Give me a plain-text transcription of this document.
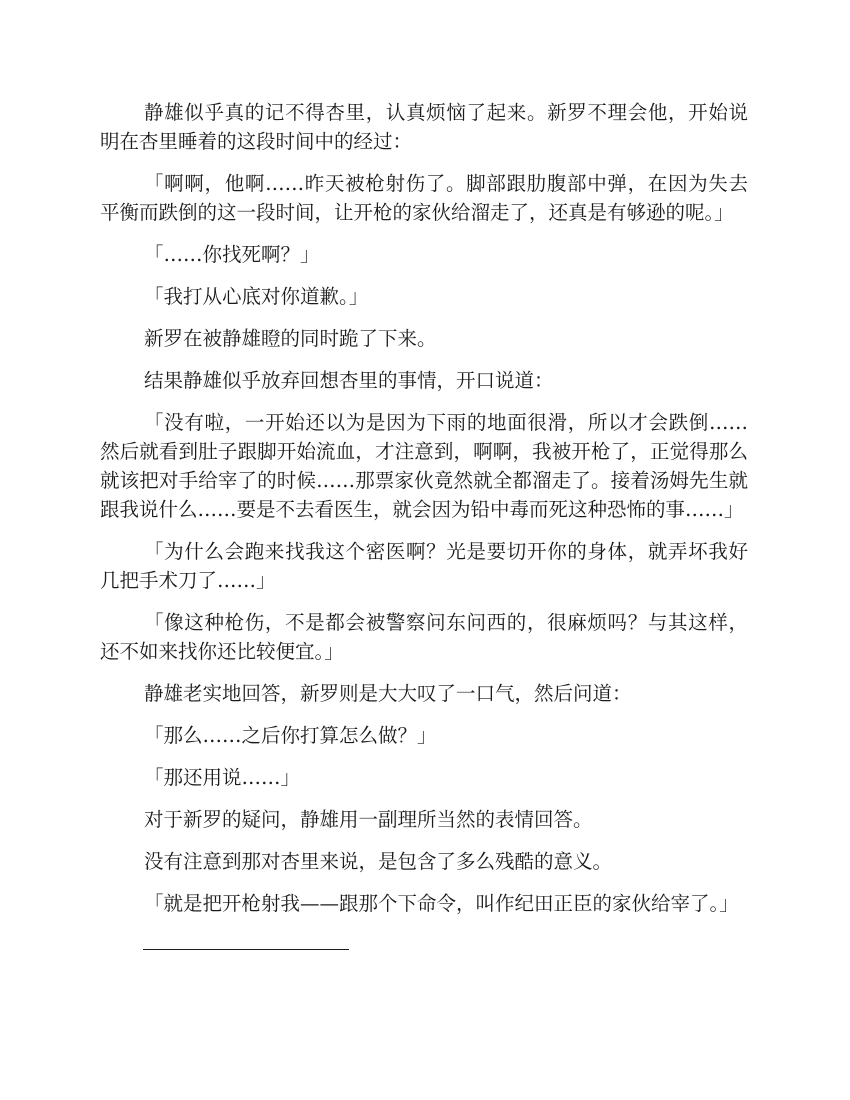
静雄似乎真的记不得杏里，认真烦恼了起来。新罗不理会他，开始说明在杏里睡着的这段时间中的经过：

「啊啊，他啊……昨天被枪射伤了。脚部跟肋腹部中弹，在因为失去平衡而跌倒的这一段时间，让开枪的家伙给溜走了，还真是有够逊的呢。」

「……你找死啊？」

「我打从心底对你道歉。」

新罗在被静雄瞪的同时跪了下来。

结果静雄似乎放弃回想杏里的事情，开口说道：

「没有啦，一开始还以为是因为下雨的地面很滑，所以才会跌倒……然后就看到肚子跟脚开始流血，才注意到，啊啊，我被开枪了，正觉得那么就该把对手给宰了的时候……那票家伙竟然就全都溜走了。接着汤姆先生就跟我说什么……要是不去看医生，就会因为铅中毒而死这种恐怖的事……」

「为什么会跑来找我这个密医啊？光是要切开你的身体，就弄坏我好几把手术刀了……」

「像这种枪伤，不是都会被警察问东问西的，很麻烦吗？与其这样，还不如来找你还比较便宜。」

静雄老实地回答，新罗则是大大叹了一口气，然后问道：

「那么……之后你打算怎么做？」

「那还用说……」

对于新罗的疑问，静雄用一副理所当然的表情回答。

没有注意到那对杏里来说，是包含了多么残酷的意义。

「就是把开枪射我——跟那个下命令，叫作纪田正臣的家伙给宰了。」
